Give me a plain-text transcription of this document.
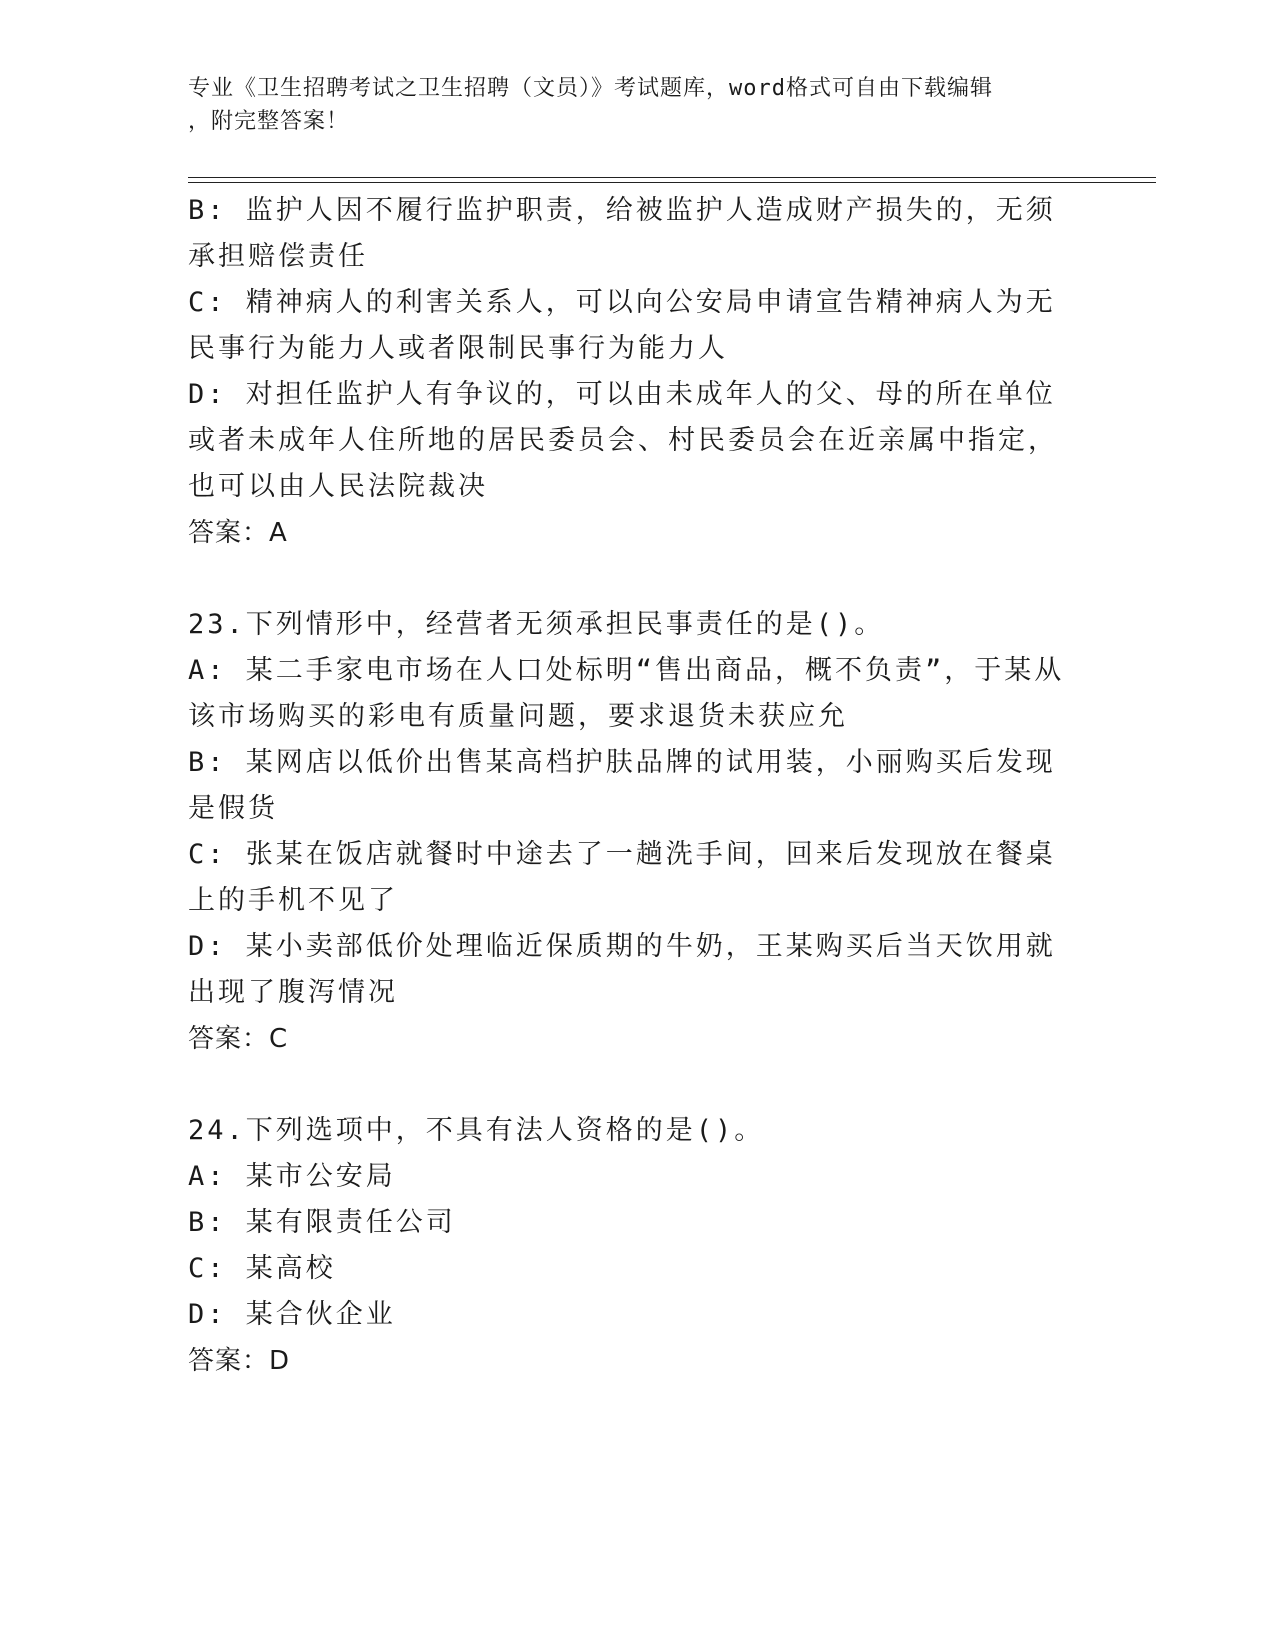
专业《卫生招聘考试之卫生招聘（文员）》考试题库，word格式可自由下载编辑
，附完整答案！
B: 监护人因不履行监护职责，给被监护人造成财产损失的，无须承担赔偿责任
C: 精神病人的利害关系人，可以向公安局申请宣告精神病人为无民事行为能力人或者限制民事行为能力人
D: 对担任监护人有争议的，可以由未成年人的父、母的所在单位或者未成年人住所地的居民委员会、村民委员会在近亲属中指定，也可以由人民法院裁决
答案：A
23.下列情形中，经营者无须承担民事责任的是()。
A: 某二手家电市场在人口处标明“售出商品，概不负责”，于某从该市场购买的彩电有质量问题，要求退货未获应允
B: 某网店以低价出售某高档护肤品牌的试用装，小丽购买后发现是假货
C: 张某在饭店就餐时中途去了一趟洗手间，回来后发现放在餐桌上的手机不见了
D: 某小卖部低价处理临近保质期的牛奶，王某购买后当天饮用就出现了腹泻情况
答案：C
24.下列选项中，不具有法人资格的是()。
A: 某市公安局
B: 某有限责任公司
C: 某高校
D: 某合伙企业
答案：D
